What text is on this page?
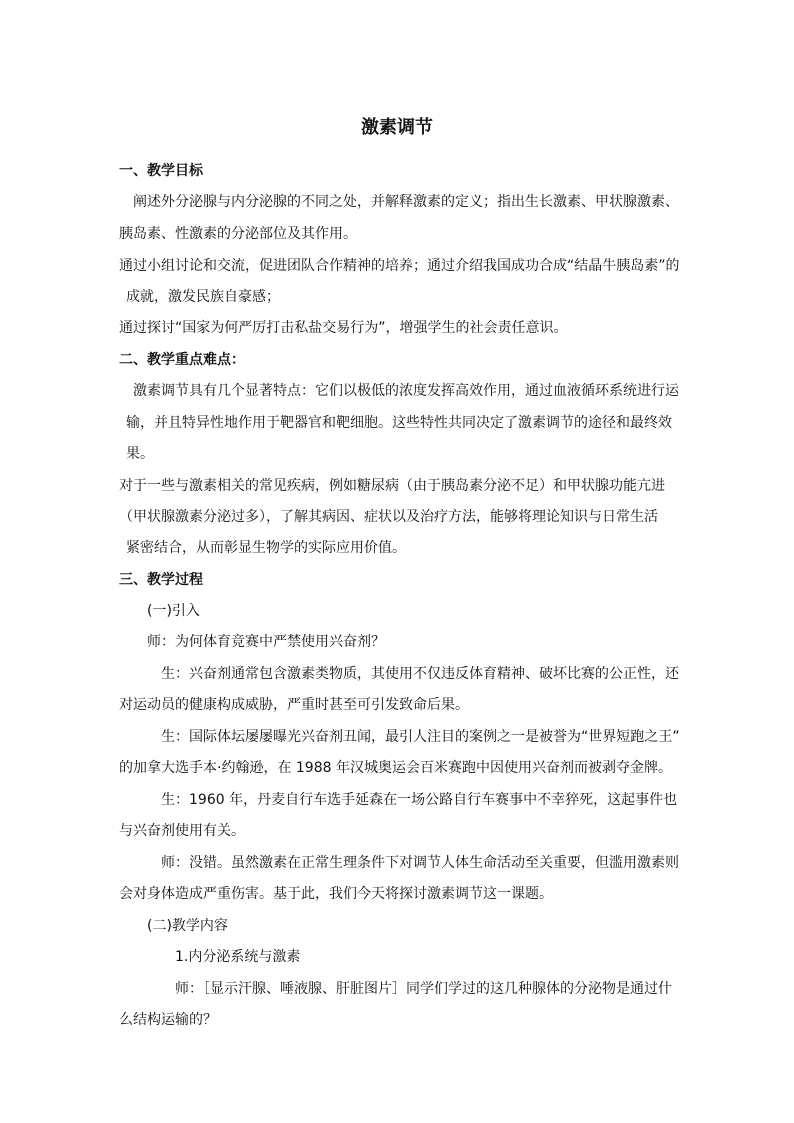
激素调节
一、教学目标
阐述外分泌腺与内分泌腺的不同之处，并解释激素的定义；指出生长激素、甲状腺激素、
胰岛素、性激素的分泌部位及其作用。
通过小组讨论和交流，促进团队合作精神的培养；通过介绍我国成功合成“结晶牛胰岛素”的
成就，激发民族自豪感；
通过探讨“国家为何严厉打击私盐交易行为”，增强学生的社会责任意识。
二、教学重点难点：
激素调节具有几个显著特点：它们以极低的浓度发挥高效作用，通过血液循环系统进行运
输，并且特异性地作用于靶器官和靶细胞。这些特性共同决定了激素调节的途径和最终效
果。
对于一些与激素相关的常见疾病，例如糖尿病（由于胰岛素分泌不足）和甲状腺功能亢进
（甲状腺激素分泌过多），了解其病因、症状以及治疗方法，能够将理论知识与日常生活
紧密结合，从而彰显生物学的实际应用价值。
三、教学过程
(一)引入
师：为何体育竞赛中严禁使用兴奋剂？
生：兴奋剂通常包含激素类物质，其使用不仅违反体育精神、破坏比赛的公正性，还
对运动员的健康构成威胁，严重时甚至可引发致命后果。
生：国际体坛屡屡曝光兴奋剂丑闻，最引人注目的案例之一是被誉为“世界短跑之王”
的加拿大选手本·约翰逊，在 1988 年汉城奥运会百米赛跑中因使用兴奋剂而被剥夺金牌。
生：1960 年，丹麦自行车选手延森在一场公路自行车赛事中不幸猝死，这起事件也
与兴奋剂使用有关。
师：没错。虽然激素在正常生理条件下对调节人体生命活动至关重要，但滥用激素则
会对身体造成严重伤害。基于此，我们今天将探讨激素调节这一课题。
(二)教学内容
1.内分泌系统与激素
师：［显示汗腺、唾液腺、肝脏图片］同学们学过的这几种腺体的分泌物是通过什
么结构运输的？
